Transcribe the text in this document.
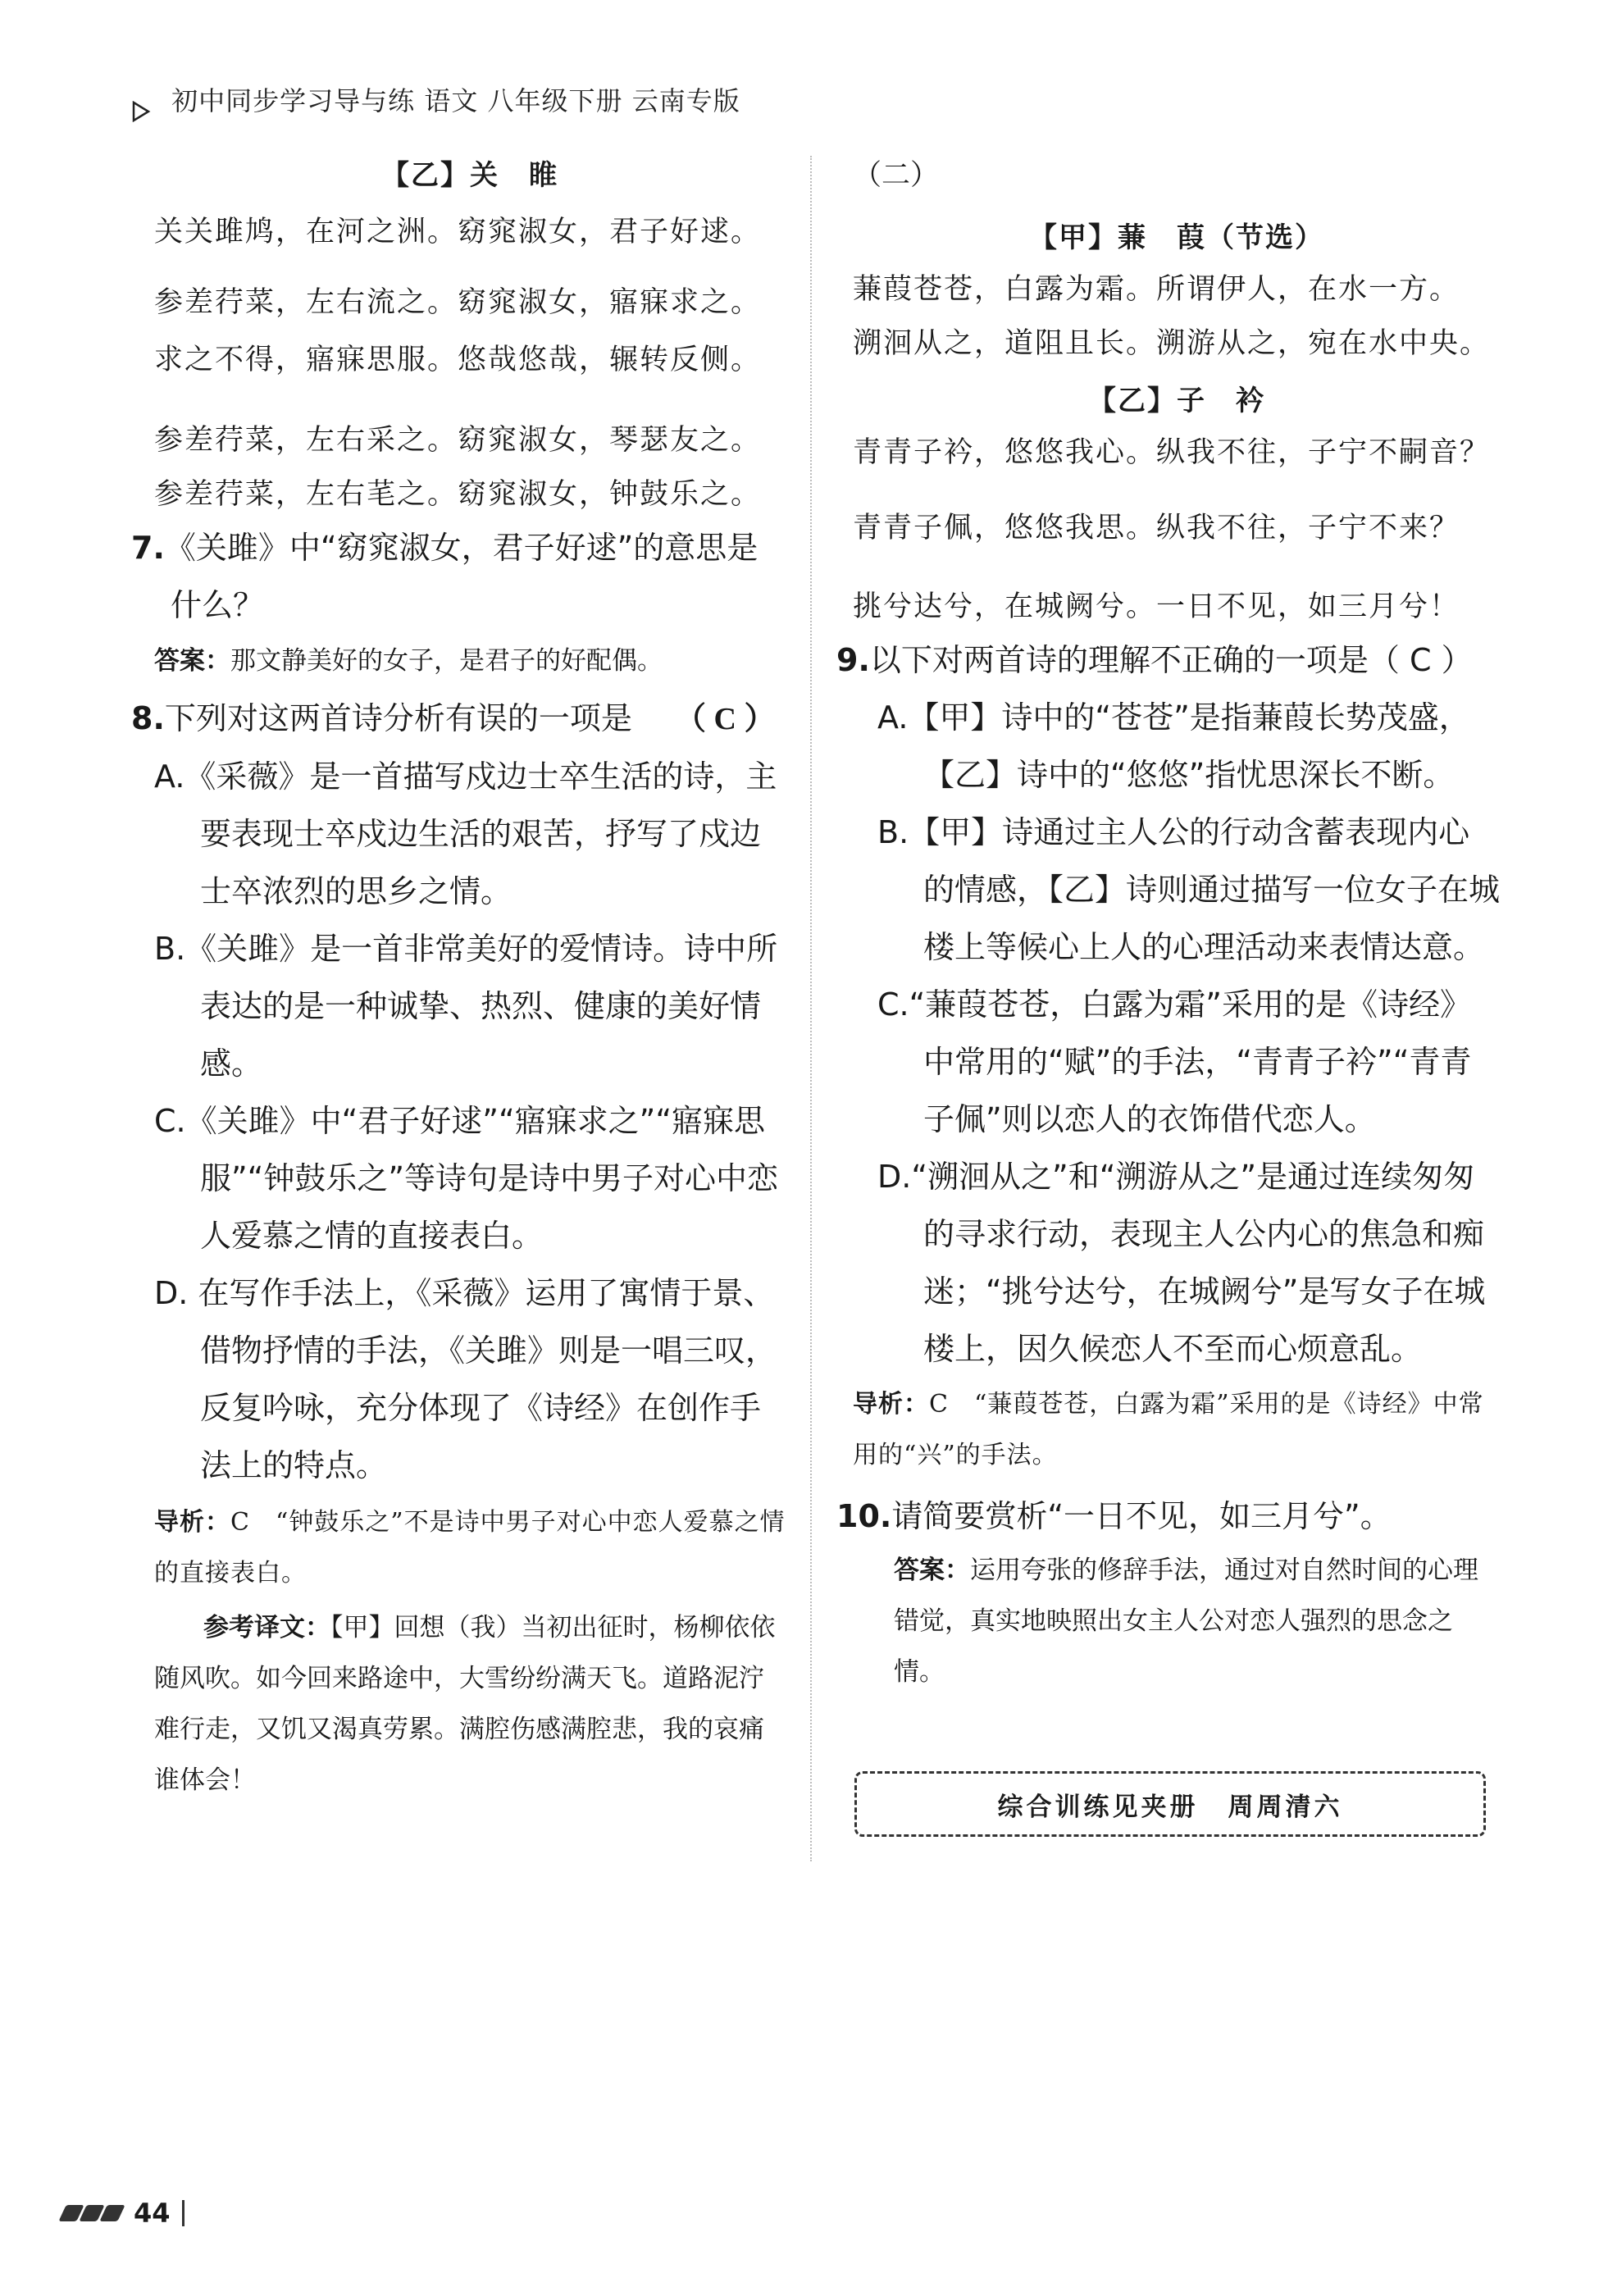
初中同步学习导与练 语文 八年级下册 云南专版
【乙】关　睢
关关雎鸠，在河之洲。窈窕淑女，君子好逑。
参差荇菜，左右流之。窈窕淑女，寤寐求之。
求之不得，寤寐思服。悠哉悠哉，辗转反侧。
参差荇菜，左右采之。窈窕淑女，琴瑟友之。
参差荇菜，左右芼之。窈窕淑女，钟鼓乐之。
7.《关雎》中“窈窕淑女，君子好逑”的意思是什么？
答案：那文静美好的女子，是君子的好配偶。
8.下列对这两首诗分析有误的一项是 （ C ）
A.《采薇》是一首描写戍边士卒生活的诗，主要表现士卒戍边生活的艰苦，抒写了戍边士卒浓烈的思乡之情。
B.《关雎》是一首非常美好的爱情诗。诗中所表达的是一种诚挚、热烈、健康的美好情感。
C.《关雎》中“君子好逑”“寤寐求之”“寤寐思服”“钟鼓乐之”等诗句是诗中男子对心中恋人爱慕之情的直接表白。
D. 在写作手法上，《采薇》运用了寓情于景、借物抒情的手法，《关雎》则是一唱三叹，反复吟咏，充分体现了《诗经》在创作手法上的特点。
导析：C　“钟鼓乐之”不是诗中男子对心中恋人爱慕之情的直接表白。
参考译文：【甲】回想（我）当初出征时，杨柳依依随风吹。如今回来路途中，大雪纷纷满天飞。道路泥泞难行走，又饥又渴真劳累。满腔伤感满腔悲，我的哀痛谁体会！
（二）
【甲】蒹　葭（节选）
蒹葭苍苍，白露为霜。所谓伊人，在水一方。
溯洄从之，道阻且长。溯游从之，宛在水中央。
【乙】子　衿
青青子衿，悠悠我心。纵我不往，子宁不嗣音？
青青子佩，悠悠我思。纵我不往，子宁不来？
挑兮达兮，在城阙兮。一日不见，如三月兮！
9.以下对两首诗的理解不正确的一项是（ C ）
A.【甲】诗中的“苍苍”是指蒹葭长势茂盛，【乙】诗中的“悠悠”指忧思深长不断。
B.【甲】诗通过主人公的行动含蓄表现内心的情感，【乙】诗则通过描写一位女子在城楼上等候心上人的心理活动来表情达意。
C.“蒹葭苍苍，白露为霜”采用的是《诗经》中常用的“赋”的手法，“青青子衿”“青青子佩”则以恋人的衣饰借代恋人。
D.“溯洄从之”和“溯游从之”是通过连续匆匆的寻求行动，表现主人公内心的焦急和痴迷；“挑兮达兮，在城阙兮”是写女子在城楼上，因久候恋人不至而心烦意乱。
导析：C　“蒹葭苍苍，白露为霜”采用的是《诗经》中常用的“兴”的手法。
10.请简要赏析“一日不见，如三月兮”。
答案：运用夸张的修辞手法，通过对自然时间的心理错觉，真实地映照出女主人公对恋人强烈的思念之情。
综合训练见夹册 周周清六
44
